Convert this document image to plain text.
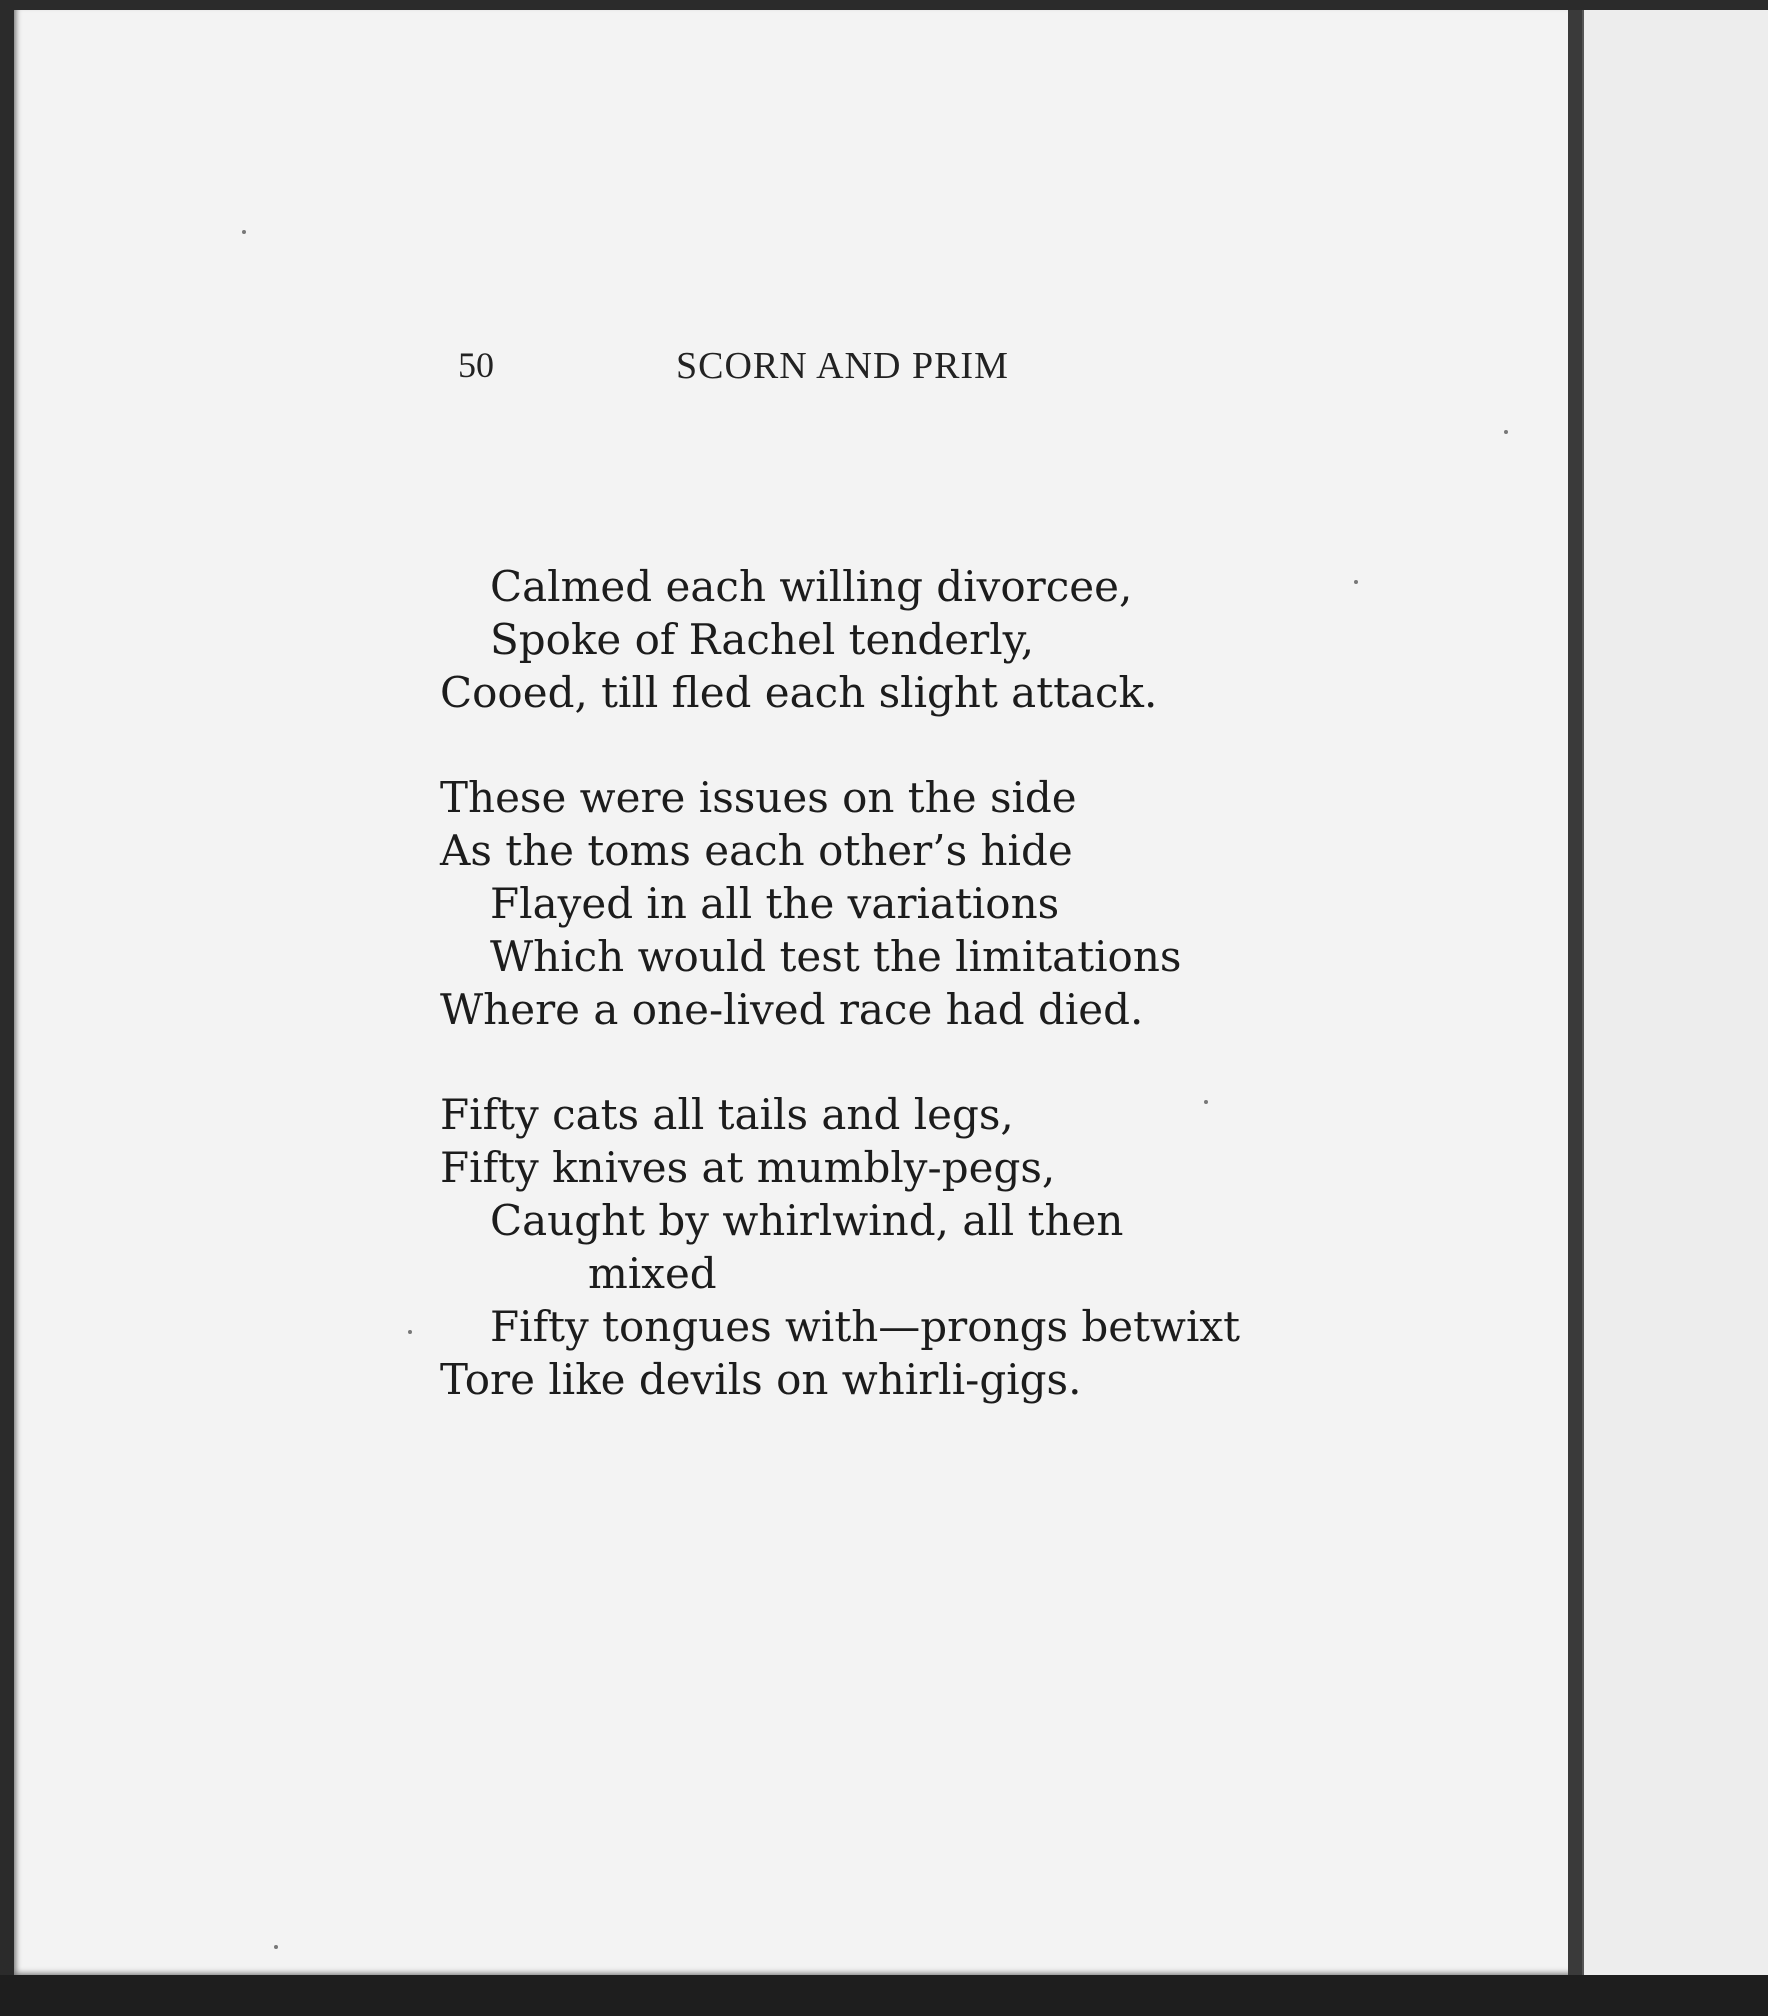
50	SCORN AND PRIM
Calmed each willing divorcee,
Spoke of Rachel tenderly,
Cooed, till fled each slight attack.
These were issues on the side
As the toms each other’s hide
Flayed in all the variations
Which would test the limitations
Where a one-lived race had died.
Fifty cats all tails and legs,
Fifty knives at mumbly-pegs,
Caught by whirlwind, all then
mixed
Fifty tongues with—prongs betwixt
Tore like devils on whirli-gigs.
